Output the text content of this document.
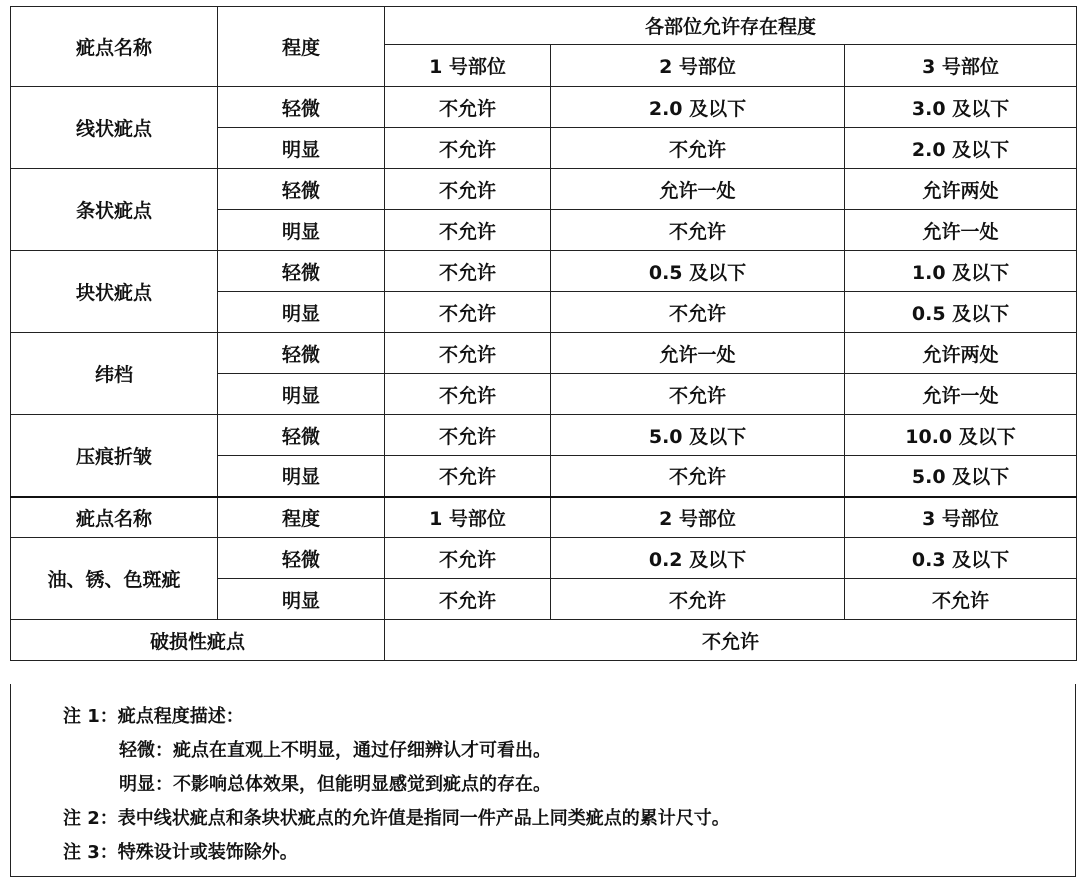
疵点名称	程度	各部位允许存在程度		
		1 号部位	2 号部位	3 号部位
线状疵点	轻微	不允许	2.0 及以下	3.0 及以下
	明显	不允许	不允许	2.0 及以下
条状疵点	轻微	不允许	允许一处	允许两处
	明显	不允许	不允许	允许一处
块状疵点	轻微	不允许	0.5 及以下	1.0 及以下
	明显	不允许	不允许	0.5 及以下
纬档	轻微	不允许	允许一处	允许两处
	明显	不允许	不允许	允许一处
压痕折皱	轻微	不允许	5.0 及以下	10.0 及以下
	明显	不允许	不允许	5.0 及以下
疵点名称	程度	1 号部位	2 号部位	3 号部位
油、锈、色斑疵	轻微	不允许	0.2 及以下	0.3 及以下
	明显	不允许	不允许	不允许
破损性疵点		不允许		
注 1：疵点程度描述：
轻微：疵点在直观上不明显，通过仔细辨认才可看出。
明显：不影响总体效果，但能明显感觉到疵点的存在。
注 2：表中线状疵点和条块状疵点的允许值是指同一件产品上同类疵点的累计尺寸。
注 3：特殊设计或装饰除外。
